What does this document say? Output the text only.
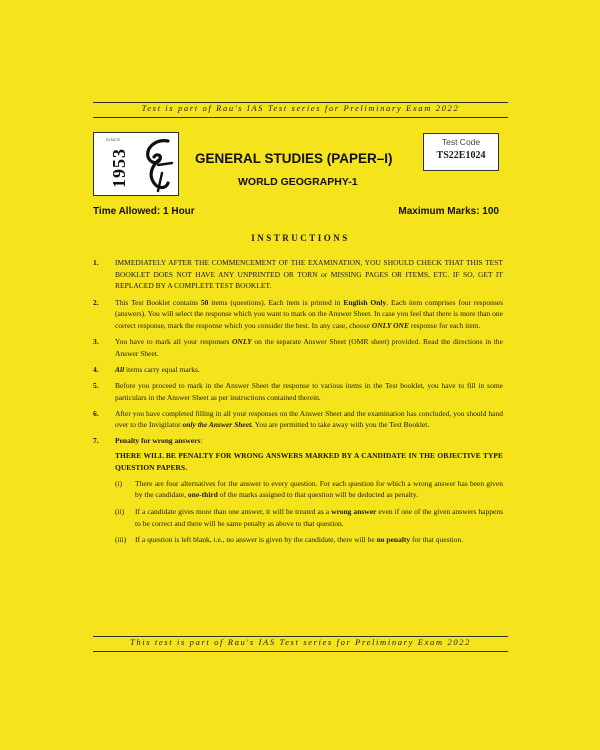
Test is part of Rau's IAS Test series for Preliminary Exam 2022
SINCE
1953	GENERAL STUDIES (PAPER–I)
WORLD GEOGRAPHY-1
Test Code
TS22E1024
Time Allowed: 1 Hour	Maximum Marks: 100
INSTRUCTIONS
1. IMMEDIATELY AFTER THE COMMENCEMENT OF THE EXAMINATION, YOU SHOULD CHECK THAT THIS TEST BOOKLET DOES NOT HAVE ANY UNPRINTED OR TORN or MISSING PAGES OR ITEMS, ETC. IF SO, GET IT REPLACED BY A COMPLETE TEST BOOKLET.
2. This Test Booklet contains 50 items (questions). Each item is printed in English Only. Each item comprises four responses (answers). You will select the response which you want to mark on the Answer Sheet. In case you feel that there is more than one correct response, mark the response which you consider the best. In any case, choose ONLY ONE response for each item.
3. You have to mark all your responses ONLY on the separate Answer Sheet (OMR sheet) provided. Read the directions in the Answer Sheet.
4. All items carry equal marks.
5. Before you proceed to mark in the Answer Sheet the response to various items in the Test booklet, you have to fill in some particulars in the Answer Sheet as per instructions contained therein.
6. After you have completed filling in all your responses on the Answer Sheet and the examination has concluded, you should hand over to the Invigilator only the Answer Sheet. You are permitted to take away with you the Test Booklet.
7. Penalty for wrong answers:
THERE WILL BE PENALTY FOR WRONG ANSWERS MARKED BY A CANDIDATE IN THE OBJECTIVE TYPE QUESTION PAPERS.
(i) There are four alternatives for the answer to every question. For each question for which a wrong answer has been given by the candidate, one-third of the marks assigned to that question will be deducted as penalty.
(ii) If a candidate gives more than one answer, it will be treated as a wrong answer even if one of the given answers happens to be correct and there will be same penalty as above to that question.
(iii) If a question is left blank, i.e., no answer is given by the candidate, there will be no penalty for that question.
This test is part of Rau's IAS Test series for Preliminary Exam 2022
